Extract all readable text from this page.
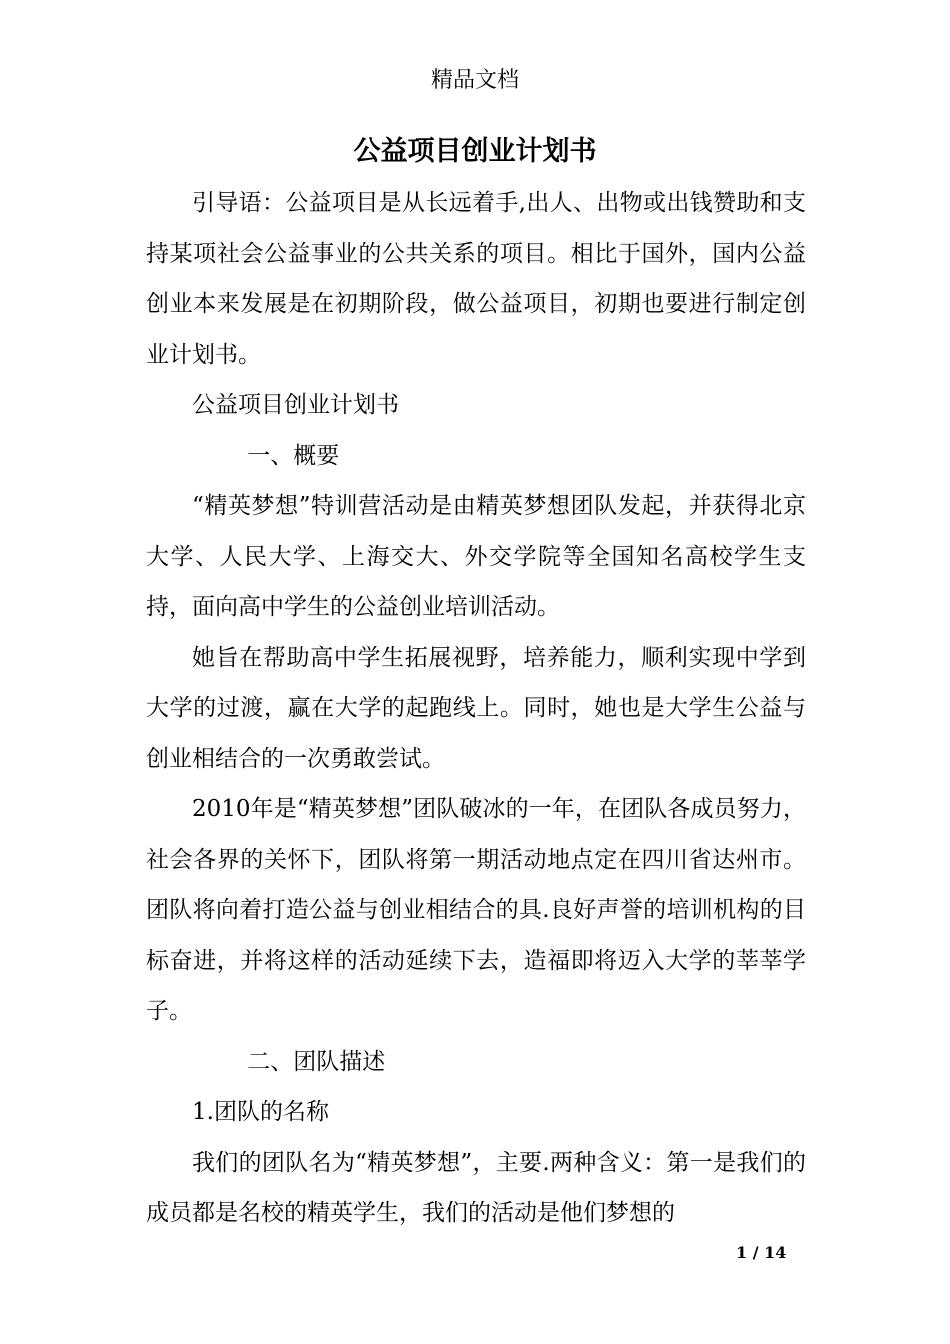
精品文档
公益项目创业计划书

引导语：公益项目是从长远着手,出人、出物或出钱赞助和支持某项社会公益事业的公共关系的项目。相比于国外，国内公益创业本来发展是在初期阶段，做公益项目，初期也要进行制定创业计划书。

公益项目创业计划书

一、概要

“精英梦想”特训营活动是由精英梦想团队发起，并获得北京大学、人民大学、上海交大、外交学院等全国知名高校学生支持，面向高中学生的公益创业培训活动。

她旨在帮助高中学生拓展视野，培养能力，顺利实现中学到大学的过渡，赢在大学的起跑线上。同时，她也是大学生公益与创业相结合的一次勇敢尝试。

2010年是“精英梦想”团队破冰的一年，在团队各成员努力，社会各界的关怀下，团队将第一期活动地点定在四川省达州市。团队将向着打造公益与创业相结合的具.良好声誉的培训机构的目标奋进，并将这样的活动延续下去，造福即将迈入大学的莘莘学子。

二、团队描述

1.团队的名称

我们的团队名为“精英梦想”，主要.两种含义：第一是我们的成员都是名校的精英学生，我们的活动是他们梦想的

1 / 14
